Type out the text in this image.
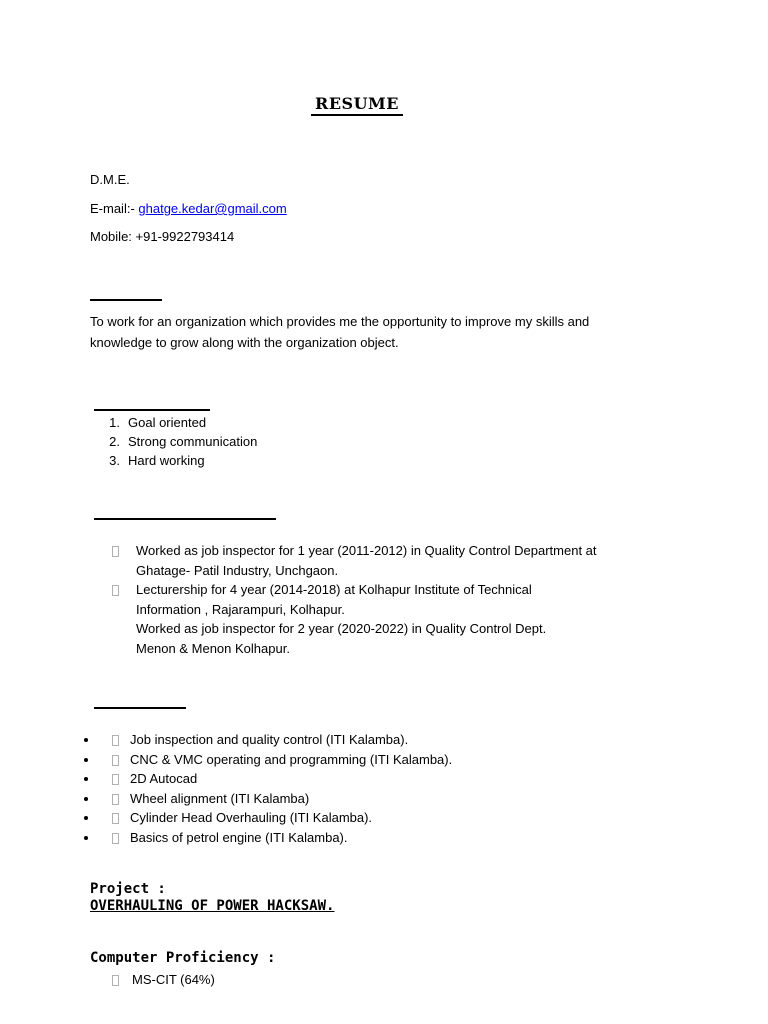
RESUME
D.M.E.
E-mail:- ghatge.kedar@gmail.com
Mobile: +91-9922793414
To work for an organization which provides me the opportunity to improve my skills and
knowledge to grow along with the organization object.
1. Goal oriented
2. Strong communication
3. Hard working
Worked as job inspector for 1 year (2011-2012) in Quality Control Department at
Ghatage- Patil Industry, Unchgaon.
Lecturership for 4 year (2014-2018) at Kolhapur Institute of Technical
Information , Rajarampuri, Kolhapur.
Worked as job inspector for 2 year (2020-2022) in Quality Control Dept.
Menon & Menon Kolhapur.
Job inspection and quality control (ITI Kalamba).
CNC & VMC operating and programming (ITI Kalamba).
2D Autocad
Wheel alignment (ITI Kalamba)
Cylinder Head Overhauling (ITI Kalamba).
Basics of petrol engine (ITI Kalamba).
Project :
OVERHAULING OF POWER HACKSAW.
Computer Proficiency :
MS-CIT (64%)
